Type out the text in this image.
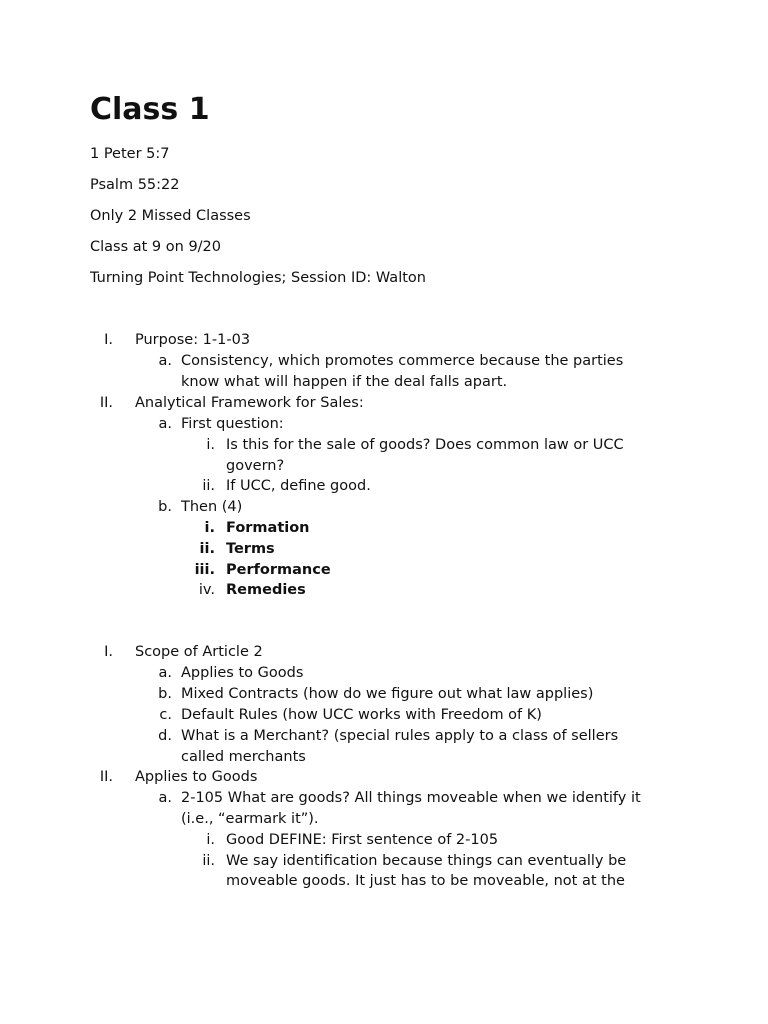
Class 1

1 Peter 5:7

Psalm 55:22

Only 2 Missed Classes

Class at 9 on 9/20

Turning Point Technologies; Session ID: Walton

I. Purpose: 1-1-03
a. Consistency, which promotes commerce because the parties
know what will happen if the deal falls apart.
II. Analytical Framework for Sales:
a. First question:
i. Is this for the sale of goods? Does common law or UCC
govern?
ii. If UCC, define good.
b. Then (4)
i. Formation
ii. Terms
iii. Performance
iv. Remedies
I. Scope of Article 2
a. Applies to Goods
b. Mixed Contracts (how do we figure out what law applies)
c. Default Rules (how UCC works with Freedom of K)
d. What is a Merchant? (special rules apply to a class of sellers
called merchants
II. Applies to Goods
a. 2-105 What are goods? All things moveable when we identify it
(i.e., “earmark it”).
i. Good DEFINE: First sentence of 2-105
ii. We say identification because things can eventually be
moveable goods. It just has to be moveable, not at the
